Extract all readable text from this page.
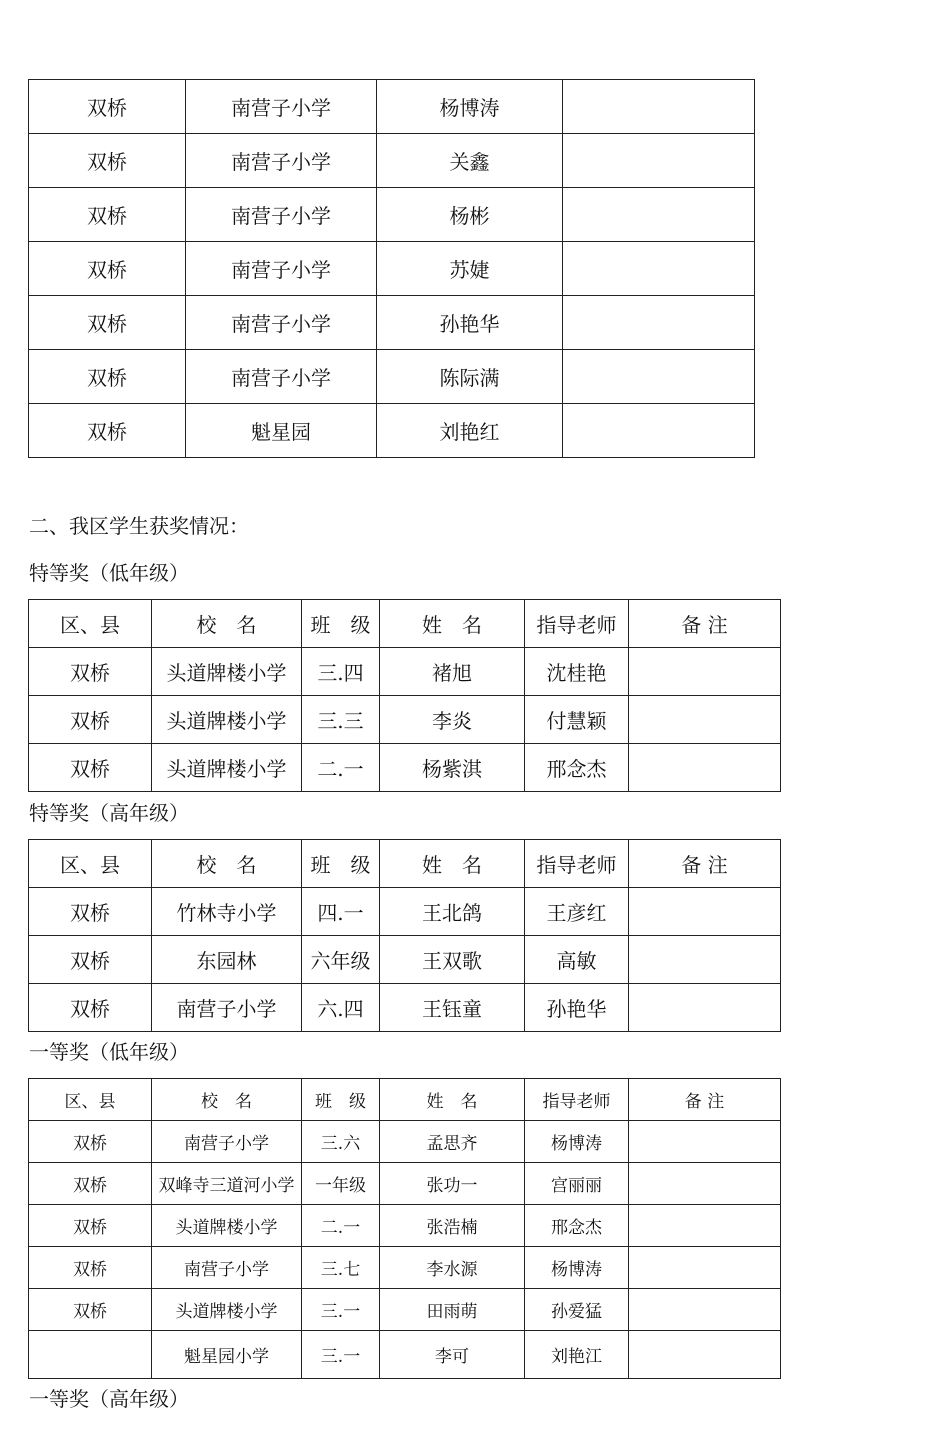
双桥	南营子小学	杨博涛	
双桥	南营子小学	关鑫	
双桥	南营子小学	杨彬	
双桥	南营子小学	苏婕	
双桥	南营子小学	孙艳华	
双桥	南营子小学	陈际满	
双桥	魁星园	刘艳红	
二、我区学生获奖情况：
特等奖（低年级）
区、县	校　名	班　级	姓　名	指导老师	备 注
双桥	头道牌楼小学	三.四	褚旭	沈桂艳	
双桥	头道牌楼小学	三.三	李炎	付慧颖	
双桥	头道牌楼小学	二.一	杨紫淇	邢念杰	
特等奖（高年级）
区、县	校　名	班　级	姓　名	指导老师	备 注
双桥	竹林寺小学	四.一	王北鸽	王彦红	
双桥	东园林	六年级	王双歌	高敏	
双桥	南营子小学	六.四	王钰童	孙艳华	
一等奖（低年级）
区、县	校　名	班　级	姓　名	指导老师	备 注
双桥	南营子小学	三.六	孟思齐	杨博涛	
双桥	双峰寺三道河小学	一年级	张功一	宫丽丽	
双桥	头道牌楼小学	二.一	张浩楠	邢念杰	
双桥	南营子小学	三.七	李水源	杨博涛	
双桥	头道牌楼小学	三.一	田雨萌	孙爱猛	
	魁星园小学	三.一	李可	刘艳江	
一等奖（高年级）
